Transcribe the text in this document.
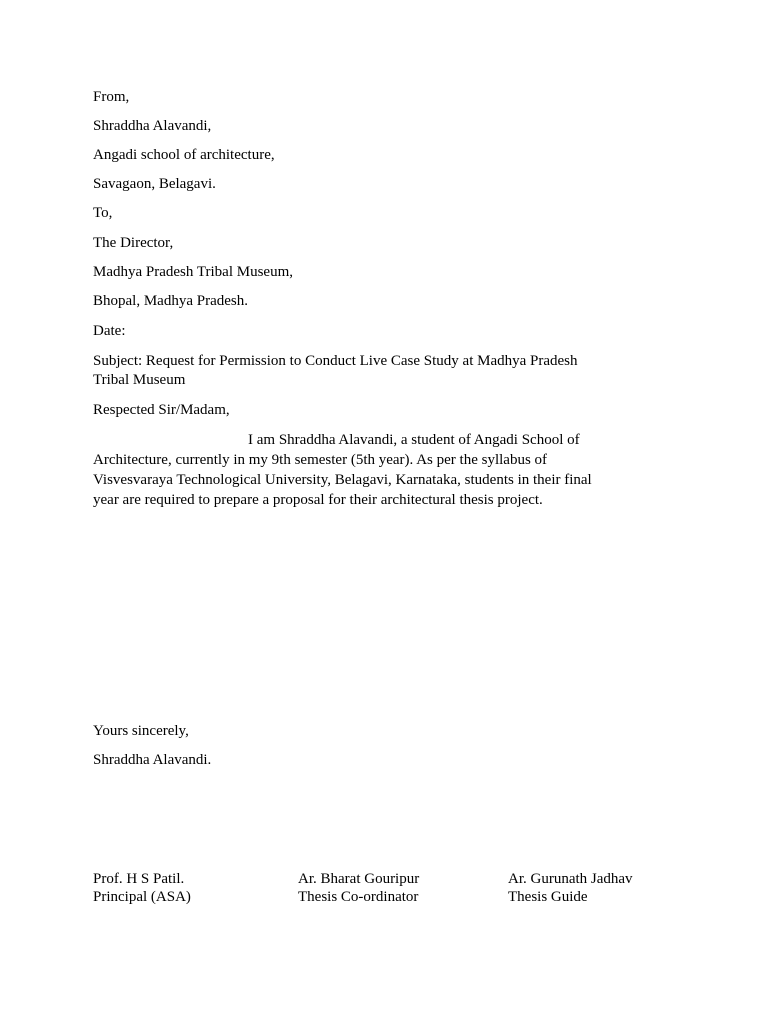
From,
Shraddha Alavandi,
Angadi school of architecture,
Savagaon, Belagavi.
To,
The Director,
Madhya Pradesh Tribal Museum,
Bhopal, Madhya Pradesh.
Date:
Subject: Request for Permission to Conduct Live Case Study at Madhya Pradesh
Tribal Museum
Respected Sir/Madam,
I am Shraddha Alavandi, a student of Angadi School of
Architecture, currently in my 9th semester (5th year). As per the syllabus of
Visvesvaraya Technological University, Belagavi, Karnataka, students in their final
year are required to prepare a proposal for their architectural thesis project.
Yours sincerely,
Shraddha Alavandi.
Prof. H S Patil.
Principal (ASA)
Ar. Bharat Gouripur
Thesis Co-ordinator
Ar. Gurunath Jadhav
Thesis Guide
